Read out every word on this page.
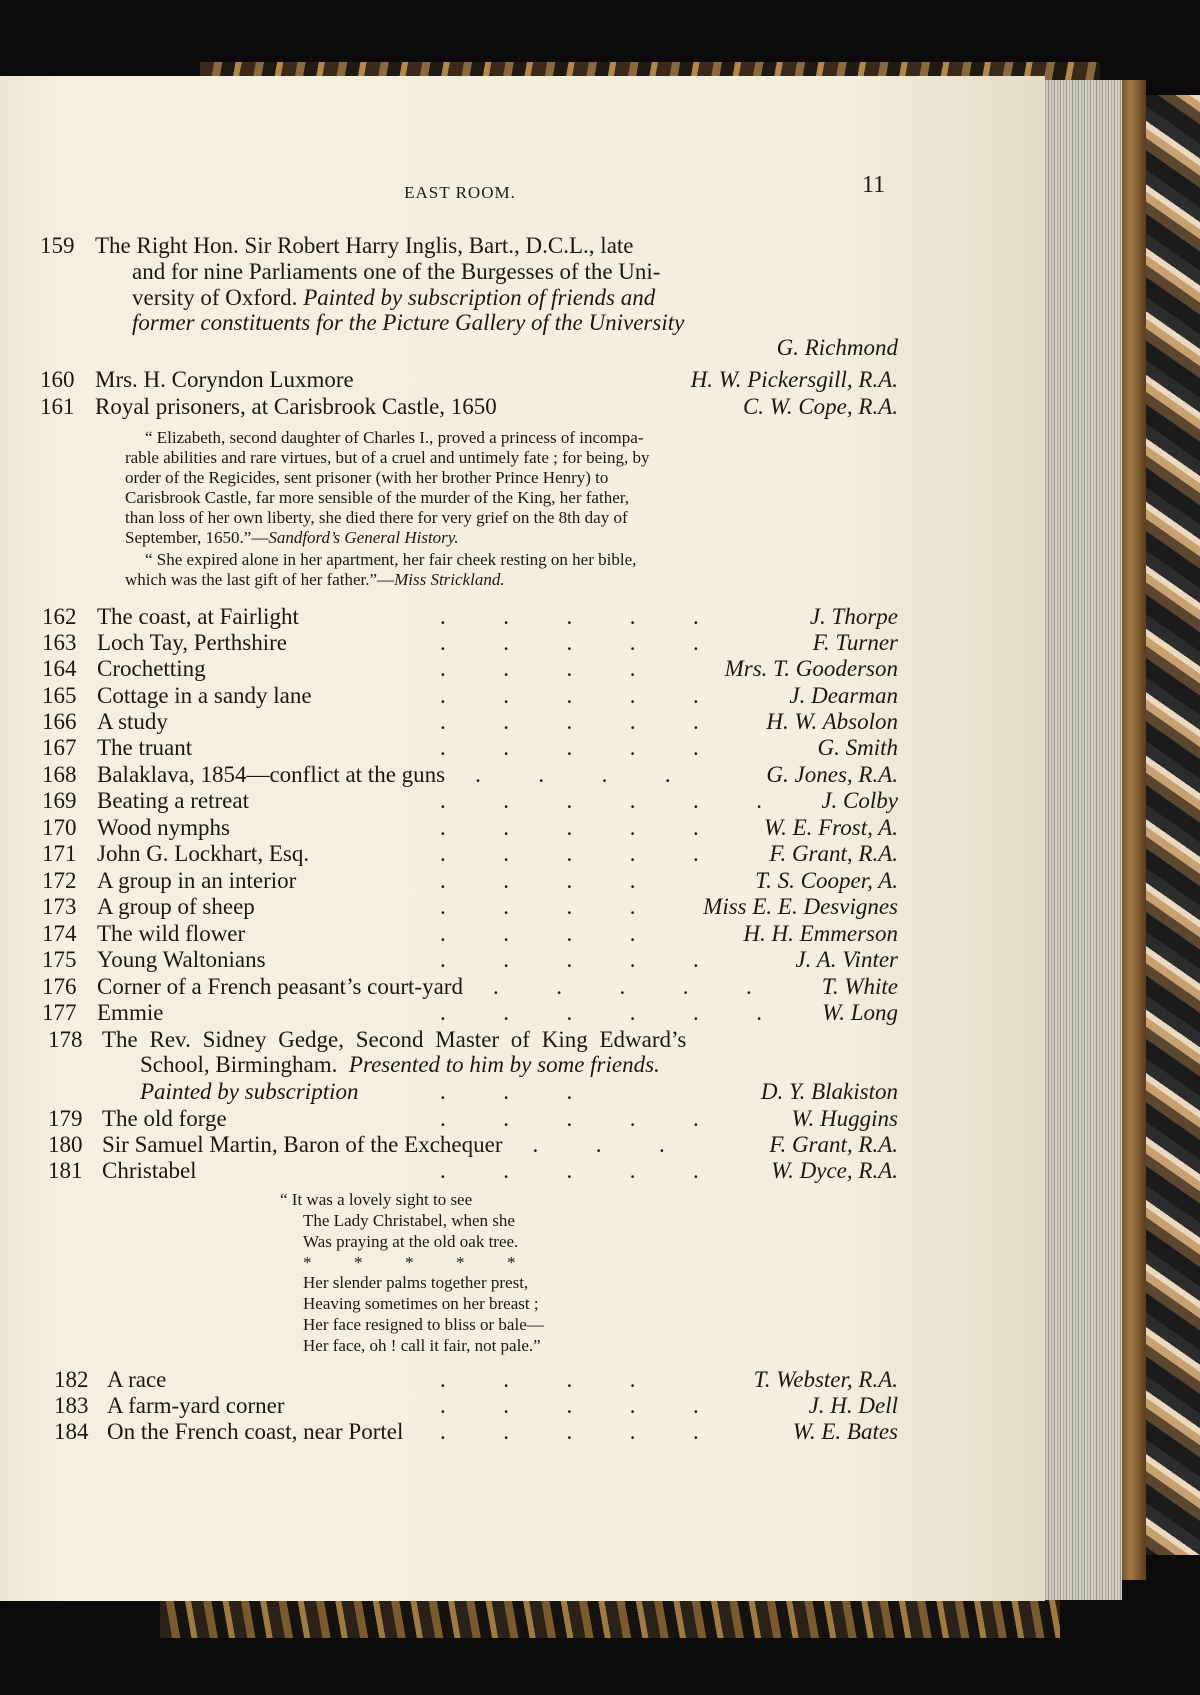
EAST ROOM.	11
159 The Right Hon. Sir Robert Harry Inglis, Bart., D.C.L., late
and for nine Parliaments one of the Burgesses of the Uni-
versity of Oxford. Painted by subscription of friends and
former constituents for the Picture Gallery of the University
G. Richmond
160 Mrs. H. Coryndon Luxmore	H. W. Pickersgill, R.A.
161 Royal prisoners, at Carisbrook Castle, 1650	C. W. Cope, R.A.
“ Elizabeth, second daughter of Charles I., proved a princess of incompa-
rable abilities and rare virtues, but of a cruel and untimely fate ; for being, by
order of the Regicides, sent prisoner (with her brother Prince Henry) to
Carisbrook Castle, far more sensible of the murder of the King, her father,
than loss of her own liberty, she died there for very grief on the 8th day of
September, 1650.”—Sandford’s General History.
“ She expired alone in her apartment, her fair cheek resting on her bible,
which was the last gift of her father.”—Miss Strickland.
162 The coast, at Fairlight	.          .          .          .          .	J. Thorpe
163 Loch Tay, Perthshire	.          .          .          .          .	F. Turner
164 Crochetting	.          .          .          .	Mrs. T. Gooderson
165 Cottage in a sandy lane	.          .          .          .          .	J. Dearman
166 A study	.          .          .          .          .	H. W. Absolon
167 The truant	.          .          .          .          .	G. Smith
168 Balaklava, 1854—conflict at the guns .          .          .          .	G. Jones, R.A.
169 Beating a retreat	.          .          .          .          .          .	J. Colby
170 Wood nymphs	.          .          .          .          .	W. E. Frost, A.
171 John G. Lockhart, Esq.	.          .          .          .          .	F. Grant, R.A.
172 A group in an interior	.          .          .          .	T. S. Cooper, A.
173 A group of sheep	.          .          .          .	Miss E. E. Desvignes
174 The wild flower	.          .          .          .	H. H. Emmerson
175 Young Waltonians	.          .          .          .          .	J. A. Vinter
176 Corner of a French peasant’s court-yard .          .          .          .          .	T. White
177 Emmie	.          .          .          .          .          .	W. Long
178 The Rev. Sidney Gedge, Second Master of King Edward’s
School, Birmingham. Presented to him by some friends.
Painted by subscription	.          .          .	D. Y. Blakiston
179 The old forge	.          .          .          .          .	W. Huggins
180 Sir Samuel Martin, Baron of the Exchequer .          .          .	F. Grant, R.A.
181 Christabel	.          .          .          .          .	W. Dyce, R.A.
“ It was a lovely sight to see
The Lady Christabel, when she
Was praying at the old oak tree.
*          *          *          *          *
Her slender palms together prest,
Heaving sometimes on her breast ;
Her face resigned to bliss or bale—
Her face, oh ! call it fair, not pale.”
182 A race	.          .          .          .	T. Webster, R.A.
183 A farm-yard corner	.          .          .          .          .	J. H. Dell
184 On the French coast, near Portel .          .          .          .          .	W. E. Bates
